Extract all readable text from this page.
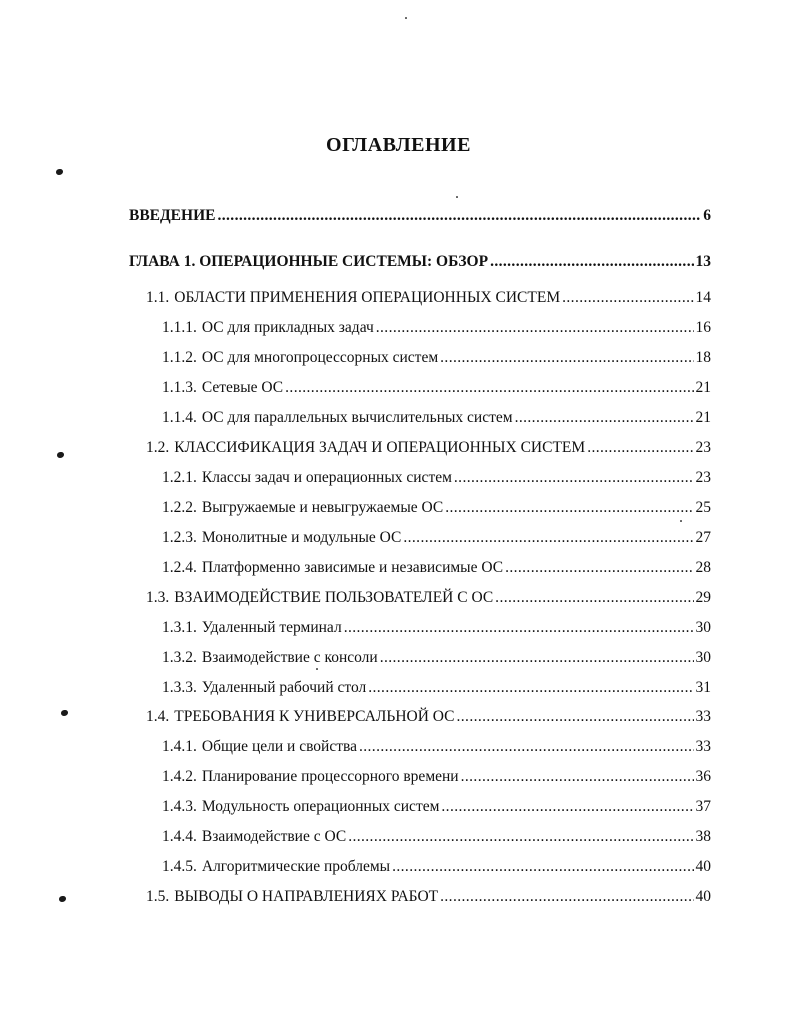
ОГЛАВЛЕНИЕ
ВВЕДЕНИЕ .....	6
ГЛАВА 1. ОПЕРАЦИОННЫЕ СИСТЕМЫ: ОБЗОР .....	13
1.1. ОБЛАСТИ ПРИМЕНЕНИЯ ОПЕРАЦИОННЫХ СИСТЕМ .....	14
1.1.1. ОС для прикладных задач .....	16
1.1.2. ОС для многопроцессорных систем .....	18
1.1.3. Сетевые ОС .....	21
1.1.4. ОС для параллельных вычислительных систем .....	21
1.2. КЛАССИФИКАЦИЯ ЗАДАЧ И ОПЕРАЦИОННЫХ СИСТЕМ .....	23
1.2.1. Классы задач и операционных систем .....	23
1.2.2. Выгружаемые и невыгружаемые ОС .....	25
1.2.3. Монолитные и модульные ОС .....	27
1.2.4. Платформенно зависимые и независимые ОС .....	28
1.3. ВЗАИМОДЕЙСТВИЕ ПОЛЬЗОВАТЕЛЕЙ С ОС .....	29
1.3.1. Удаленный терминал .....	30
1.3.2. Взаимодействие с консоли .....	30
1.3.3. Удаленный рабочий стол .....	31
1.4. ТРЕБОВАНИЯ К УНИВЕРСАЛЬНОЙ ОС .....	33
1.4.1. Общие цели и свойства .....	33
1.4.2. Планирование процессорного времени .....	36
1.4.3. Модульность операционных систем .....	37
1.4.4. Взаимодействие с ОС .....	38
1.4.5. Алгоритмические проблемы .....	40
1.5. ВЫВОДЫ О НАПРАВЛЕНИЯХ РАБОТ .....	40
